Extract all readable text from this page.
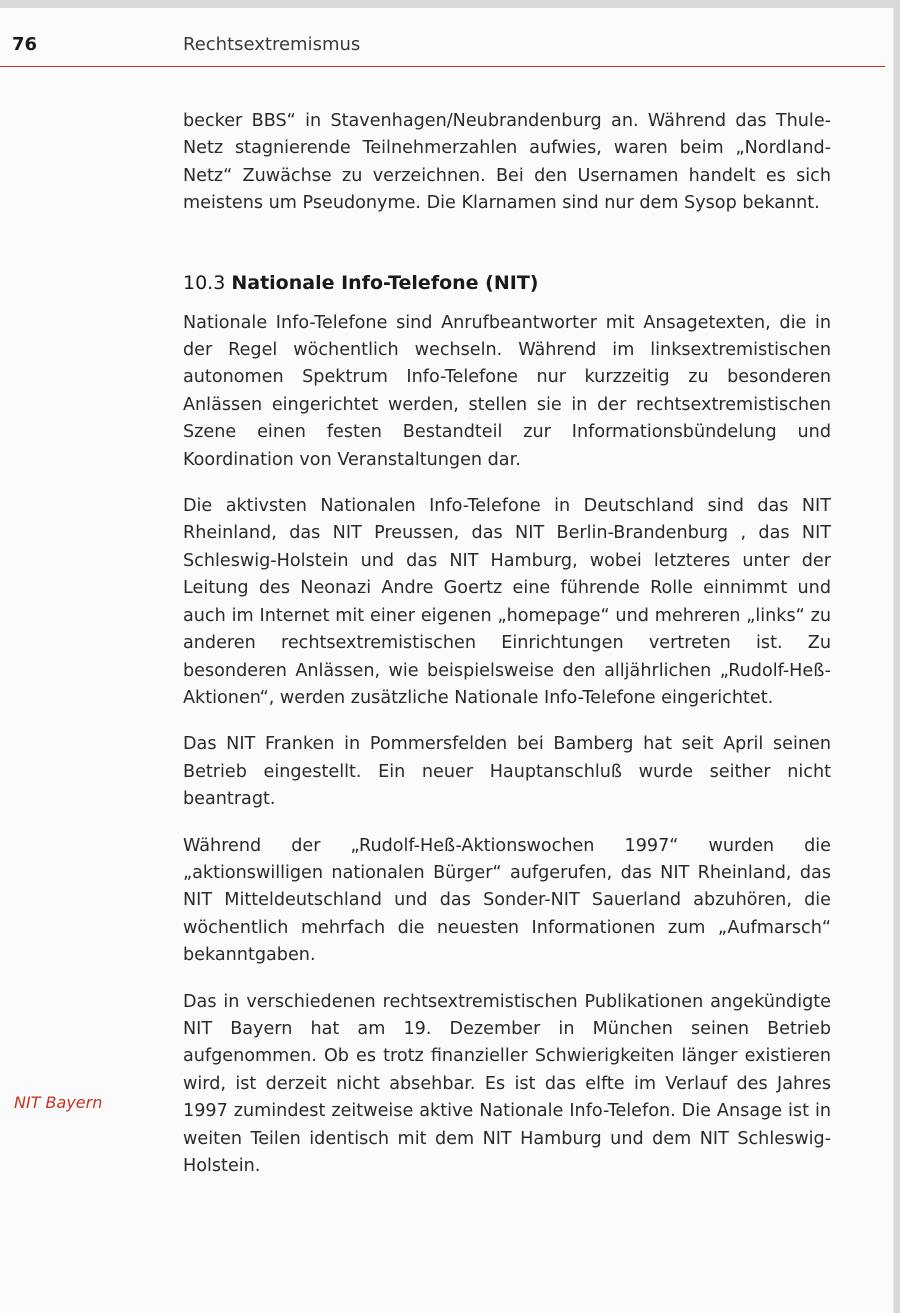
76	Rechtsextremismus

becker BBS“ in Stavenhagen/Neubrandenburg an. Während das Thule-Netz stagnierende Teilnehmerzahlen aufwies, waren beim „Nordland-Netz“ Zuwächse zu verzeichnen. Bei den Usernamen handelt es sich meistens um Pseudonyme. Die Klarnamen sind nur dem Sysop bekannt.

10.3 Nationale Info-Telefone (NIT)

Nationale Info-Telefone sind Anrufbeantworter mit Ansagetexten, die in der Regel wöchentlich wechseln. Während im linksextremistischen autonomen Spektrum Info-Telefone nur kurzzeitig zu besonderen Anlässen eingerichtet werden, stellen sie in der rechtsextremistischen Szene einen festen Bestandteil zur Informationsbündelung und Koordination von Veranstaltungen dar.

Die aktivsten Nationalen Info-Telefone in Deutschland sind das NIT Rheinland, das NIT Preussen, das NIT Berlin-Brandenburg , das NIT Schleswig-Holstein und das NIT Hamburg, wobei letzteres unter der Leitung des Neonazi Andre Goertz eine führende Rolle einnimmt und auch im Internet mit einer eigenen „homepage“ und mehreren „links“ zu anderen rechtsextremistischen Einrichtungen vertreten ist. Zu besonderen Anlässen, wie beispielsweise den alljährlichen „Rudolf-Heß-Aktionen“, werden zusätzliche Nationale Info-Telefone eingerichtet.

Das NIT Franken in Pommersfelden bei Bamberg hat seit April seinen Betrieb eingestellt. Ein neuer Hauptanschluß wurde seither nicht beantragt.

Während der „Rudolf-Heß-Aktionswochen 1997“ wurden die „aktionswilligen nationalen Bürger“ aufgerufen, das NIT Rheinland, das NIT Mitteldeutschland und das Sonder-NIT Sauerland abzuhören, die wöchentlich mehrfach die neuesten Informationen zum „Aufmarsch“ bekanntgaben.

Das in verschiedenen rechtsextremistischen Publikationen angekündigte NIT Bayern hat am 19. Dezember in München seinen Betrieb aufgenommen. Ob es trotz finanzieller Schwierigkeiten länger existieren wird, ist derzeit nicht absehbar. Es ist das elfte im Verlauf des Jahres 1997 zumindest zeitweise aktive Nationale Info-Telefon. Die Ansage ist in weiten Teilen identisch mit dem NIT Hamburg und dem NIT Schleswig-Holstein.

NIT Bayern
